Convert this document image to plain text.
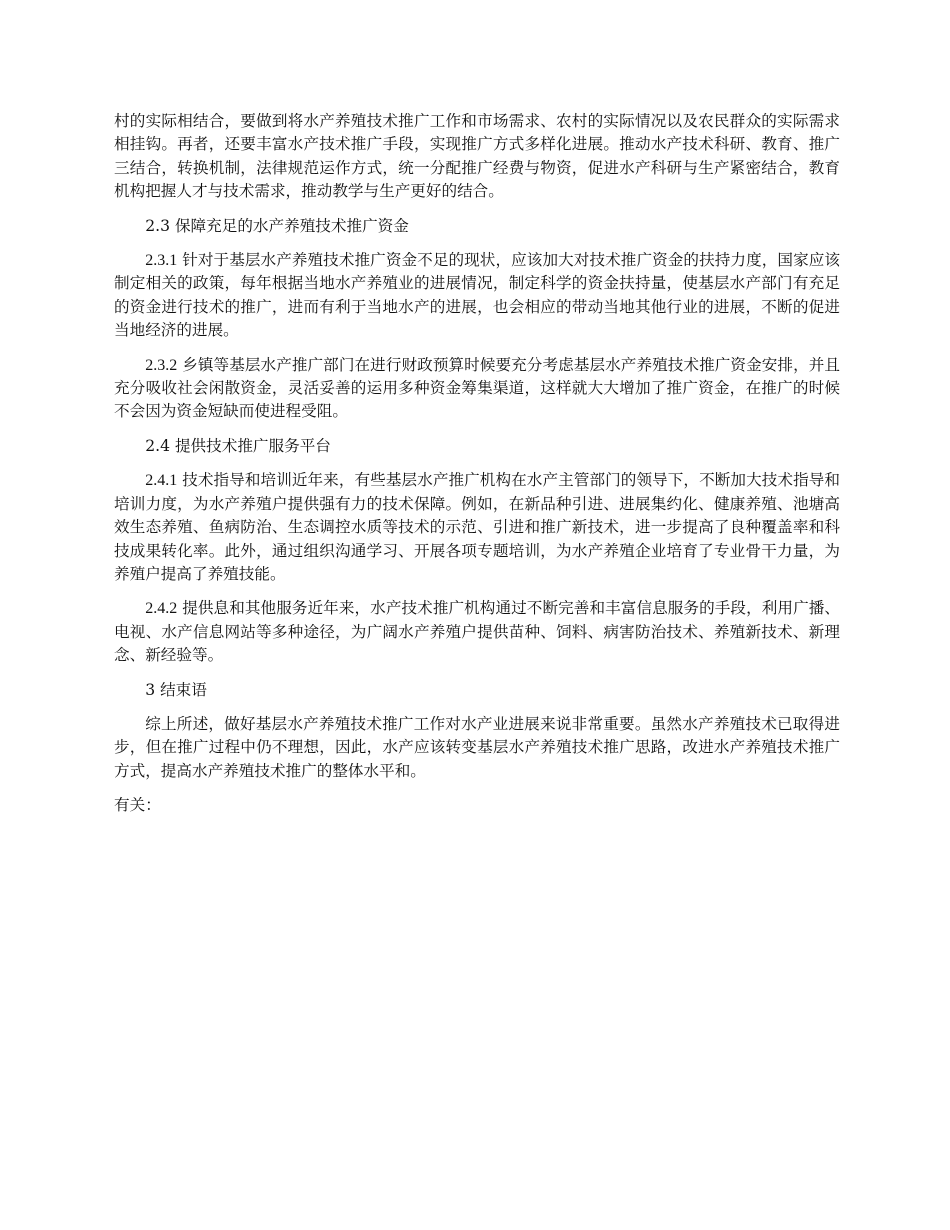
村的实际相结合，要做到将水产养殖技术推广工作和市场需求、农村的实际情况以及农民群众的实际需求相挂钩。再者，还要丰富水产技术推广手段，实现推广方式多样化进展。推动水产技术科研、教育、推广三结合，转换机制，法律规范运作方式，统一分配推广经费与物资，促进水产科研与生产紧密结合，教育机构把握人才与技术需求，推动教学与生产更好的结合。

2.3 保障充足的水产养殖技术推广资金

2.3.1 针对于基层水产养殖技术推广资金不足的现状，应该加大对技术推广资金的扶持力度，国家应该制定相关的政策，每年根据当地水产养殖业的进展情况，制定科学的资金扶持量，使基层水产部门有充足的资金进行技术的推广，进而有利于当地水产的进展，也会相应的带动当地其他行业的进展，不断的促进当地经济的进展。

2.3.2 乡镇等基层水产推广部门在进行财政预算时候要充分考虑基层水产养殖技术推广资金安排，并且充分吸收社会闲散资金，灵活妥善的运用多种资金筹集渠道，这样就大大增加了推广资金，在推广的时候不会因为资金短缺而使进程受阻。

2.4 提供技术推广服务平台

2.4.1 技术指导和培训近年来，有些基层水产推广机构在水产主管部门的领导下，不断加大技术指导和培训力度，为水产养殖户提供强有力的技术保障。例如，在新品种引进、进展集约化、健康养殖、池塘高效生态养殖、鱼病防治、生态调控水质等技术的示范、引进和推广新技术，进一步提高了良种覆盖率和科技成果转化率。此外，通过组织沟通学习、开展各项专题培训，为水产养殖企业培育了专业骨干力量，为养殖户提高了养殖技能。

2.4.2 提供息和其他服务近年来，水产技术推广机构通过不断完善和丰富信息服务的手段，利用广播、电视、水产信息网站等多种途径，为广阔水产养殖户提供苗种、饲料、病害防治技术、养殖新技术、新理念、新经验等。

3 结束语

综上所述，做好基层水产养殖技术推广工作对水产业进展来说非常重要。虽然水产养殖技术已取得进步，但在推广过程中仍不理想，因此，水产应该转变基层水产养殖技术推广思路，改进水产养殖技术推广方式，提高水产养殖技术推广的整体水平和。

有关：
